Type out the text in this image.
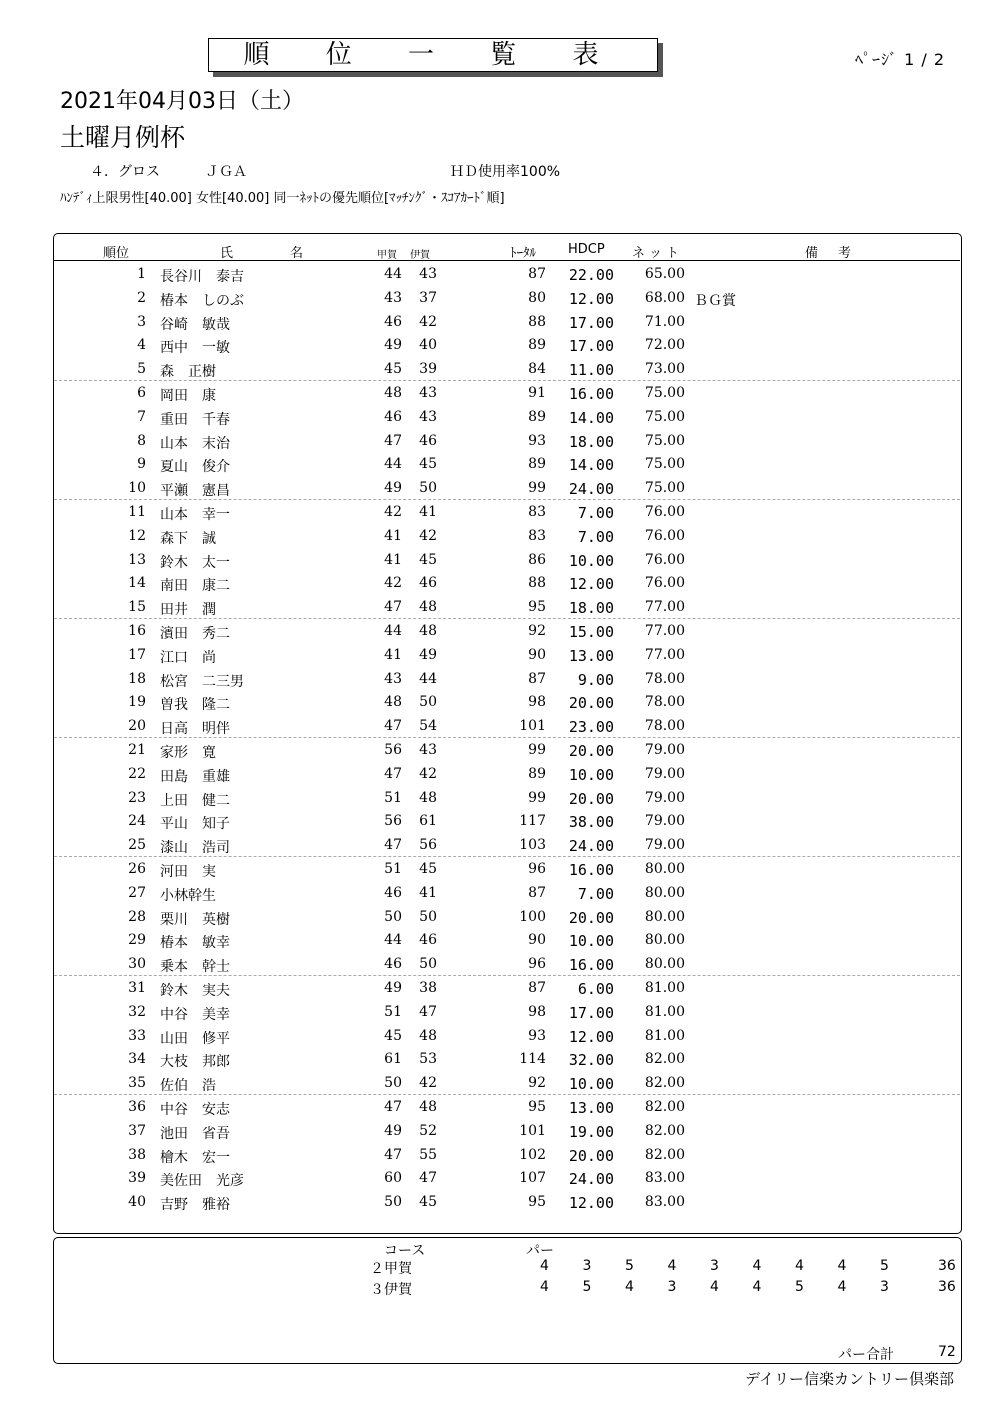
順 位 一 覧 表	ﾍﾟｰｼﾞ 1 / 2
2021年04月03日（土）
土曜月例杯
４．グロス	ＪＧＡ	ＨＤ使用率100%
ﾊﾝﾃﾞｨ上限男性[40.00] 女性[40.00] 同一ﾈｯﾄの優先順位[ﾏｯﾁﾝｸﾞ・ｽｺｱｶｰﾄﾞ順]
順位	氏	名	甲賀 伊賀	ﾄｰﾀﾙ HDCP ネット	備 考
1 長谷川　泰吉	44 43	87 22.00 65.00
2 椿本　しのぶ	43 37	80 12.00 68.00 ＢＧ賞
3 谷崎　敏哉	46 42	88 17.00 71.00
4 西中　一敏	49 40	89 17.00 72.00
5 森　正樹	45 39	84 11.00 73.00
6 岡田　康	48 43	91 16.00 75.00
7 重田　千春	46 43	89 14.00 75.00
8 山本　末治	47 46	93 18.00 75.00
9 夏山　俊介	44 45	89 14.00 75.00
10 平瀬　憲昌	49 50	99 24.00 75.00
11 山本　幸一	42 41	83 7.00 76.00
12 森下　誠	41 42	83 7.00 76.00
13 鈴木　太一	41 45	86 10.00 76.00
14 南田　康二	42 46	88 12.00 76.00
15 田井　潤	47 48	95 18.00 77.00
16 濱田　秀二	44 48	92 15.00 77.00
17 江口　尚	41 49	90 13.00 77.00
18 松宮　二三男	43 44	87 9.00 78.00
19 曽我　隆二	48 50	98 20.00 78.00
20 日高　明伴	47 54	101 23.00 78.00
21 家形　寛	56 43	99 20.00 79.00
22 田島　重雄	47 42	89 10.00 79.00
23 上田　健二	51 48	99 20.00 79.00
24 平山　知子	56 61	117 38.00 79.00
25 漆山　浩司	47 56	103 24.00 79.00
26 河田　実	51 45	96 16.00 80.00
27 小林幹生	46 41	87 7.00 80.00
28 栗川　英樹	50 50	100 20.00 80.00
29 椿本　敏幸	44 46	90 10.00 80.00
30 乗本　幹士	46 50	96 16.00 80.00
31 鈴木　実夫	49 38	87 6.00 81.00
32 中谷　美幸	51 47	98 17.00 81.00
33 山田　修平	45 48	93 12.00 81.00
34 大枝　邦郎	61 53	114 32.00 82.00
35 佐伯　浩	50 42	92 10.00 82.00
36 中谷　安志	47 48	95 13.00 82.00
37 池田　省吾	49 52	101 19.00 82.00
38 檜木　宏一	47 55	102 20.00 82.00
39 美佐田　光彦	60 47	107 24.00 83.00
40 吉野　雅裕	50 45	95 12.00 83.00
コース	パー
２甲賀	4 3 5 4 3 4 4 4 5	36
３伊賀	4 5 4 3 4 4 5 4 3	36
パー合計	72
デイリー信楽カントリー倶楽部
